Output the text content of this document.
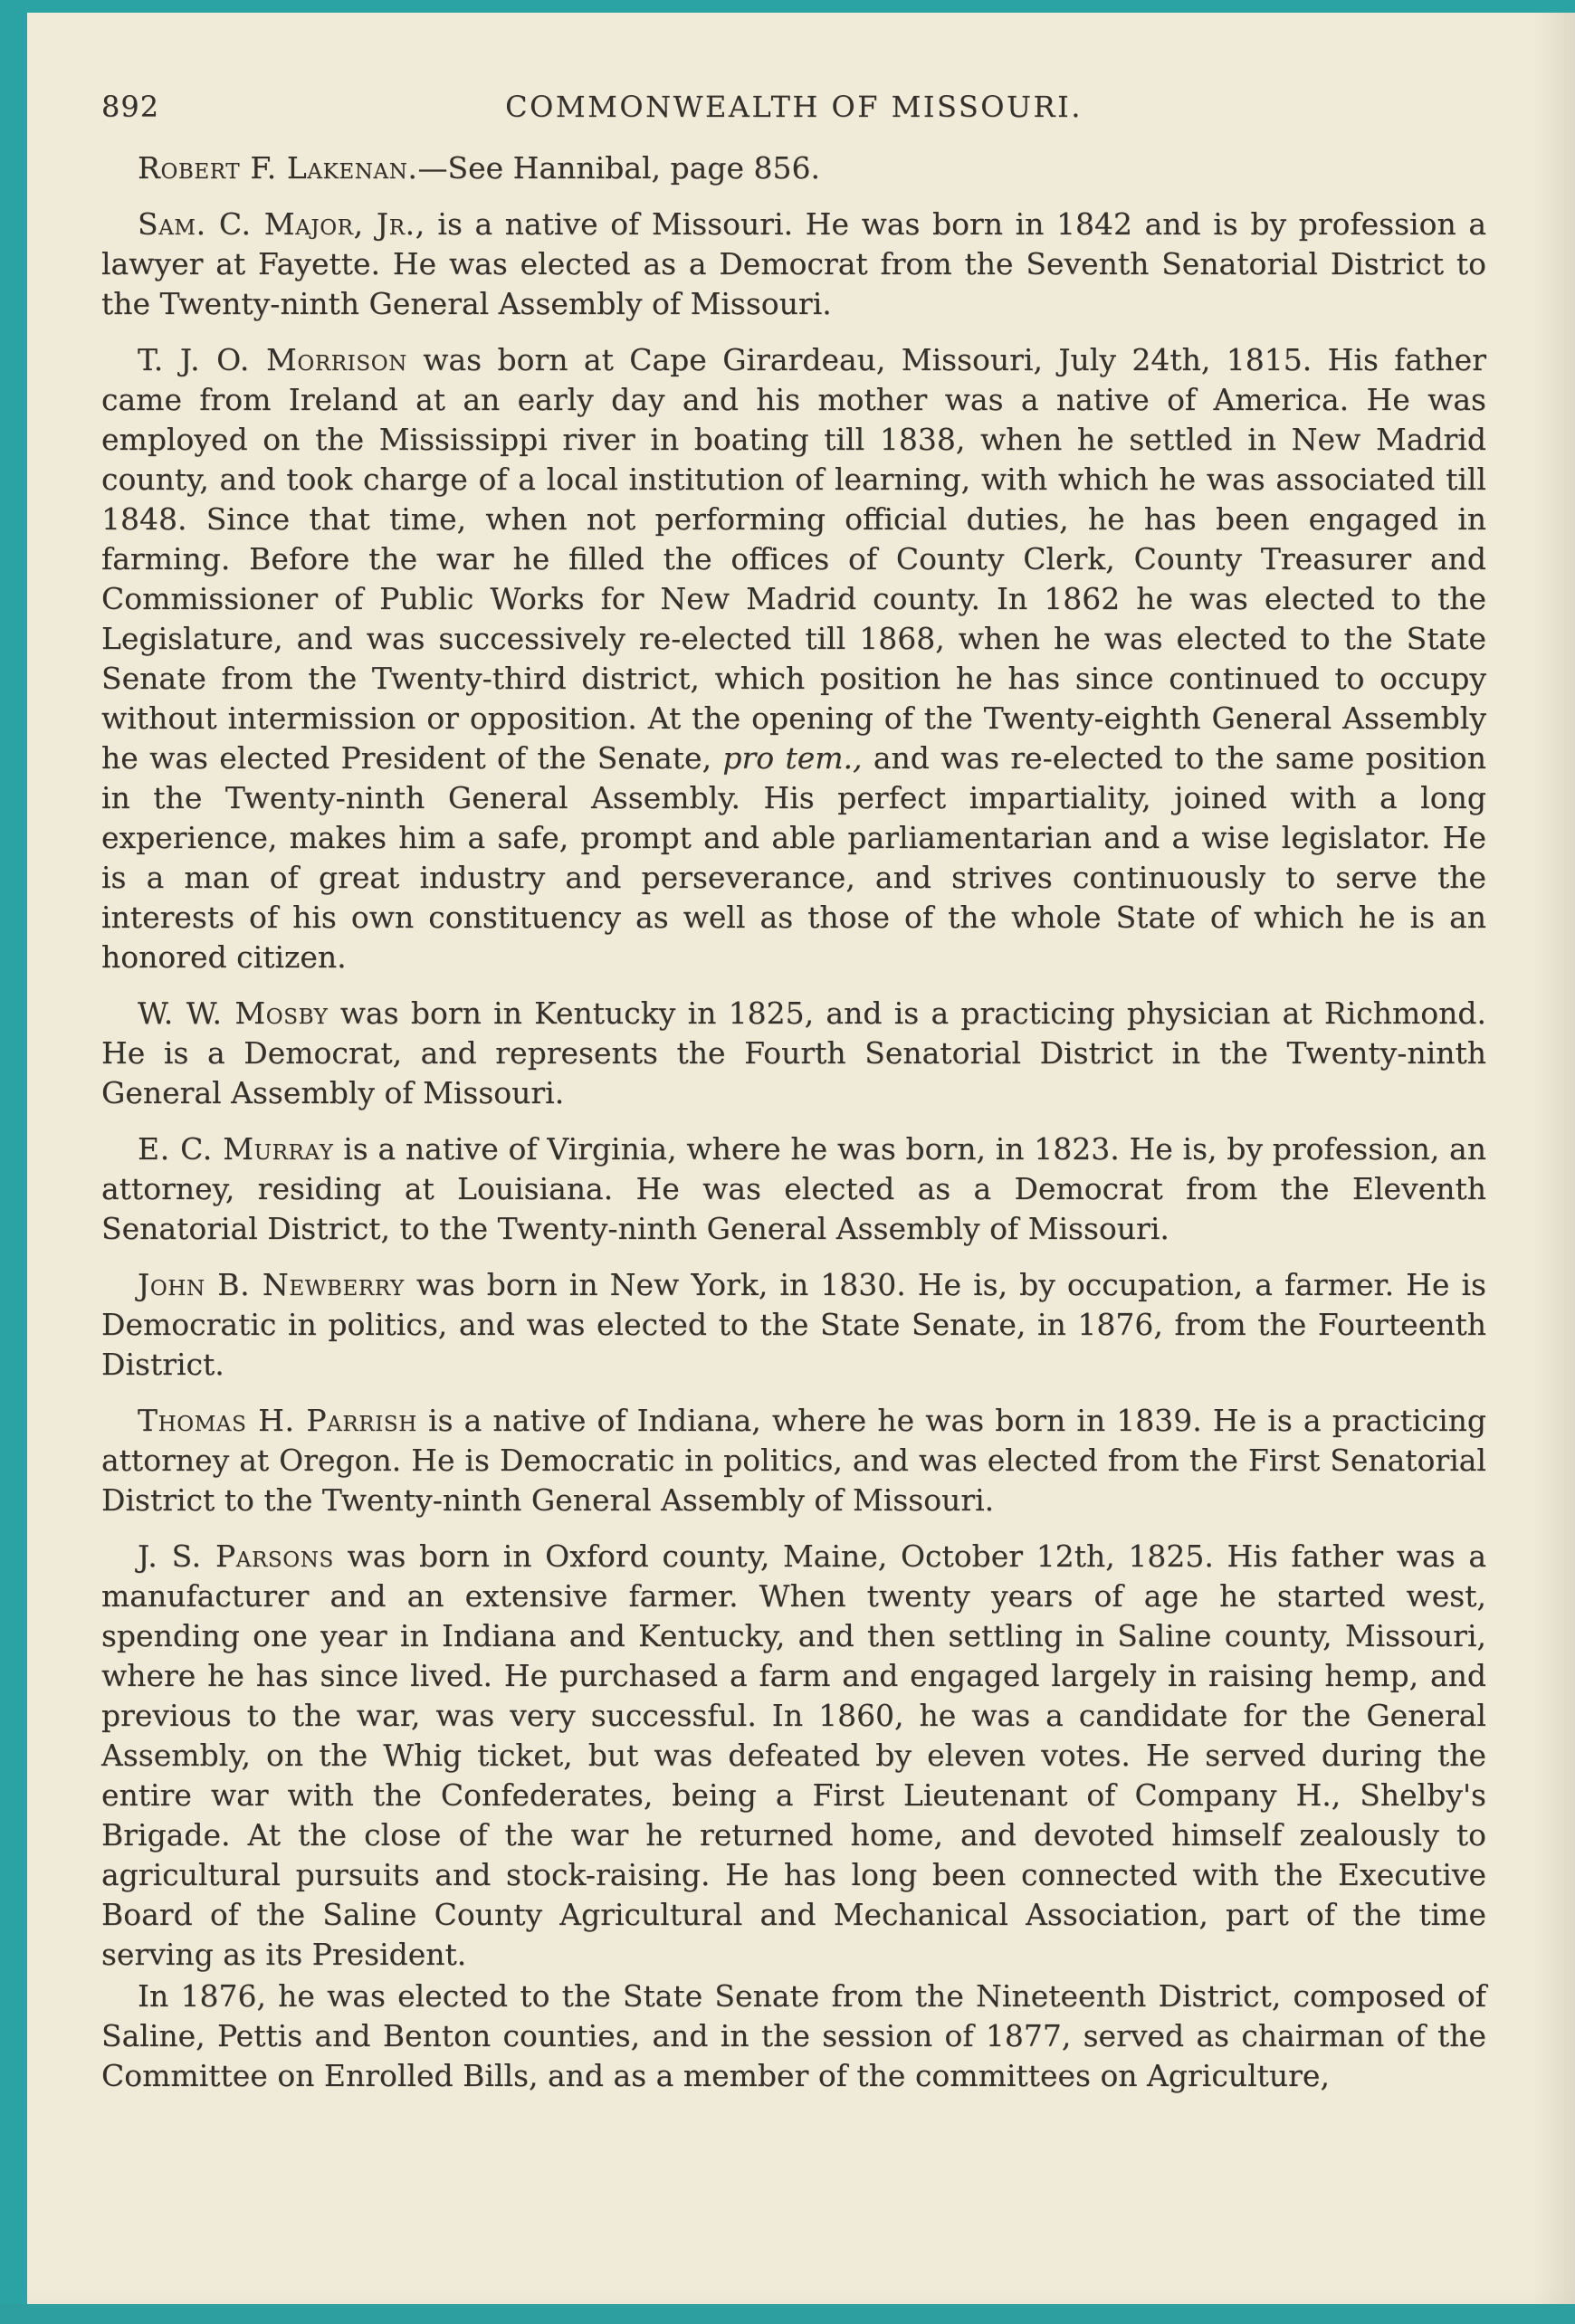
892	COMMONWEALTH OF MISSOURI.

Robert F. Lakenan.—See Hannibal, page 856.

Sam. C. Major, Jr., is a native of Missouri. He was born in 1842 and is by profession a lawyer at Fayette. He was elected as a Democrat from the Seventh Senatorial District to the Twenty-ninth General Assembly of Missouri.

T. J. O. Morrison was born at Cape Girardeau, Missouri, July 24th, 1815. His father came from Ireland at an early day and his mother was a native of America. He was employed on the Mississippi river in boating till 1838, when he settled in New Madrid county, and took charge of a local institution of learning, with which he was associated till 1848. Since that time, when not performing official duties, he has been engaged in farming. Before the war he filled the offices of County Clerk, County Treasurer and Commissioner of Public Works for New Madrid county. In 1862 he was elected to the Legislature, and was successively re-elected till 1868, when he was elected to the State Senate from the Twenty-third district, which position he has since continued to occupy without intermission or opposition. At the opening of the Twenty-eighth General Assembly he was elected President of the Senate, pro tem., and was re-elected to the same position in the Twenty-ninth General Assembly. His perfect impartiality, joined with a long experience, makes him a safe, prompt and able parliamentarian and a wise legislator. He is a man of great industry and perseverance, and strives continuously to serve the interests of his own constituency as well as those of the whole State of which he is an honored citizen.

W. W. Mosby was born in Kentucky in 1825, and is a practicing physician at Richmond. He is a Democrat, and represents the Fourth Senatorial District in the Twenty-ninth General Assembly of Missouri.

E. C. Murray is a native of Virginia, where he was born, in 1823. He is, by profession, an attorney, residing at Louisiana. He was elected as a Democrat from the Eleventh Senatorial District, to the Twenty-ninth General Assembly of Missouri.

John B. Newberry was born in New York, in 1830. He is, by occupation, a farmer. He is Democratic in politics, and was elected to the State Senate, in 1876, from the Fourteenth District.

Thomas H. Parrish is a native of Indiana, where he was born in 1839. He is a practicing attorney at Oregon. He is Democratic in politics, and was elected from the First Senatorial District to the Twenty-ninth General Assembly of Missouri.

J. S. Parsons was born in Oxford county, Maine, October 12th, 1825. His father was a manufacturer and an extensive farmer. When twenty years of age he started west, spending one year in Indiana and Kentucky, and then settling in Saline county, Missouri, where he has since lived. He purchased a farm and engaged largely in raising hemp, and previous to the war, was very successful. In 1860, he was a candidate for the General Assembly, on the Whig ticket, but was defeated by eleven votes. He served during the entire war with the Confederates, being a First Lieutenant of Company H., Shelby's Brigade. At the close of the war he returned home, and devoted himself zealously to agricultural pursuits and stock-raising. He has long been connected with the Executive Board of the Saline County Agricultural and Mechanical Association, part of the time serving as its President.

In 1876, he was elected to the State Senate from the Nineteenth District, composed of Saline, Pettis and Benton counties, and in the session of 1877, served as chairman of the Committee on Enrolled Bills, and as a member of the committees on Agriculture,
